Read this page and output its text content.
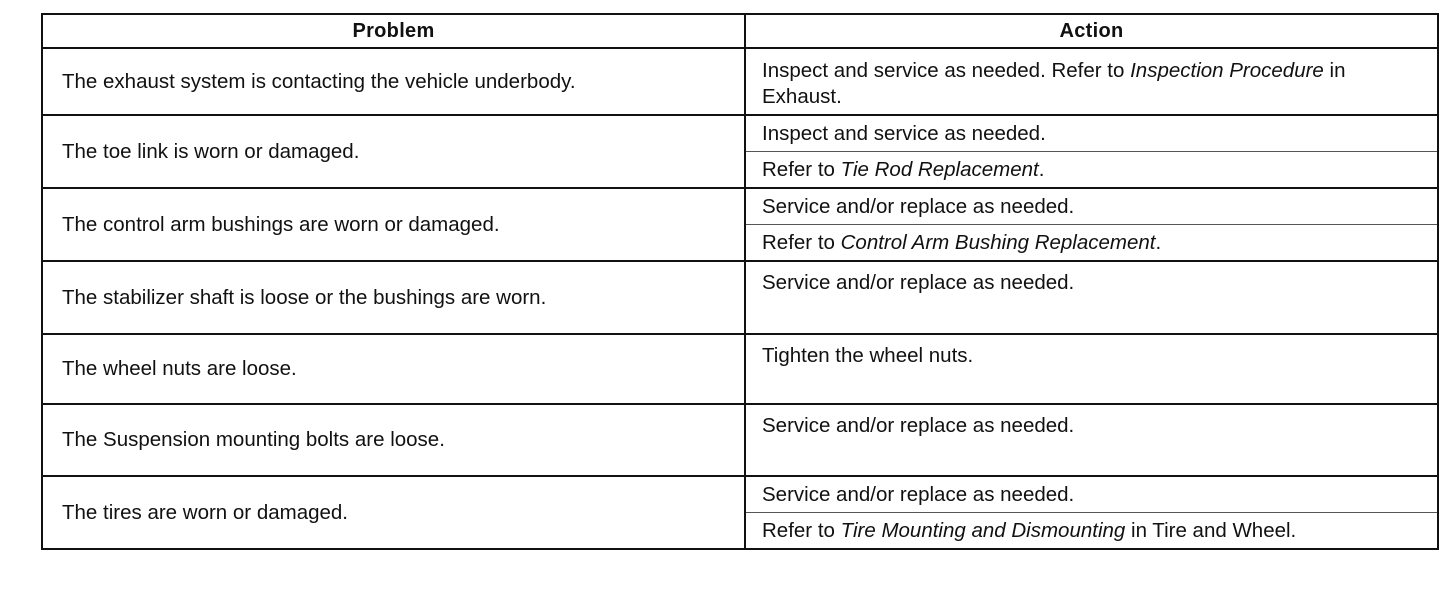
Problem	Action
The exhaust system is contacting the vehicle underbody.	Inspect and service as needed. Refer to Inspection Procedure in Exhaust.

The toe link is worn or damaged.	Inspect and service as needed.
Refer to Tie Rod Replacement.

The control arm bushings are worn or damaged.	Service and/or replace as needed.
Refer to Control Arm Bushing Replacement.

The stabilizer shaft is loose or the bushings are worn.	Service and/or replace as needed.
The wheel nuts are loose.	Tighten the wheel nuts.
The Suspension mounting bolts are loose.	Service and/or replace as needed.
The tires are worn or damaged.	Service and/or replace as needed.
Refer to Tire Mounting and Dismounting in Tire and Wheel.
